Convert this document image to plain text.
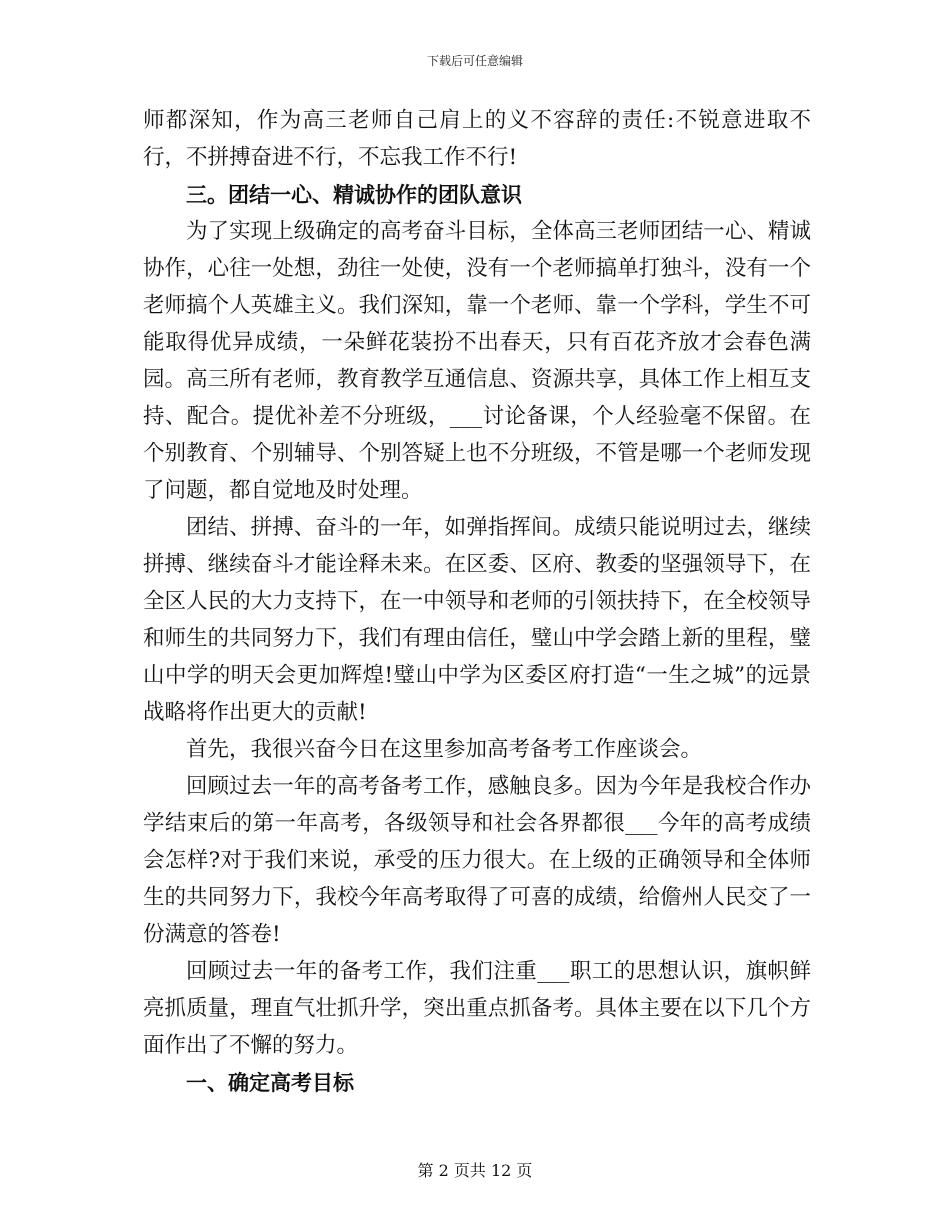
下载后可任意编辑

师都深知，作为高三老师自己肩上的义不容辞的责任:不锐意进取不行，不拼搏奋进不行，不忘我工作不行!

三。团结一心、精诚协作的团队意识

为了实现上级确定的高考奋斗目标，全体高三老师团结一心、精诚协作，心往一处想，劲往一处使，没有一个老师搞单打独斗，没有一个老师搞个人英雄主义。我们深知，靠一个老师、靠一个学科，学生不可能取得优异成绩，一朵鲜花装扮不出春天，只有百花齐放才会春色满园。高三所有老师，教育教学互通信息、资源共享，具体工作上相互支持、配合。提优补差不分班级，___讨论备课，个人经验毫不保留。在个别教育、个别辅导、个别答疑上也不分班级，不管是哪一个老师发现了问题，都自觉地及时处理。

团结、拼搏、奋斗的一年，如弹指挥间。成绩只能说明过去，继续拼搏、继续奋斗才能诠释未来。在区委、区府、教委的坚强领导下，在全区人民的大力支持下，在一中领导和老师的引领扶持下，在全校领导和师生的共同努力下，我们有理由信任，璧山中学会踏上新的里程，璧山中学的明天会更加辉煌!璧山中学为区委区府打造“一生之城”的远景战略将作出更大的贡献!

首先，我很兴奋今日在这里参加高考备考工作座谈会。

回顾过去一年的高考备考工作，感触良多。因为今年是我校合作办学结束后的第一年高考，各级领导和社会各界都很___今年的高考成绩会怎样?对于我们来说，承受的压力很大。在上级的正确领导和全体师生的共同努力下，我校今年高考取得了可喜的成绩，给儋州人民交了一份满意的答卷!

回顾过去一年的备考工作，我们注重___职工的思想认识，旗帜鲜亮抓质量，理直气壮抓升学，突出重点抓备考。具体主要在以下几个方面作出了不懈的努力。

一、确定高考目标

第 2 页共 12 页
